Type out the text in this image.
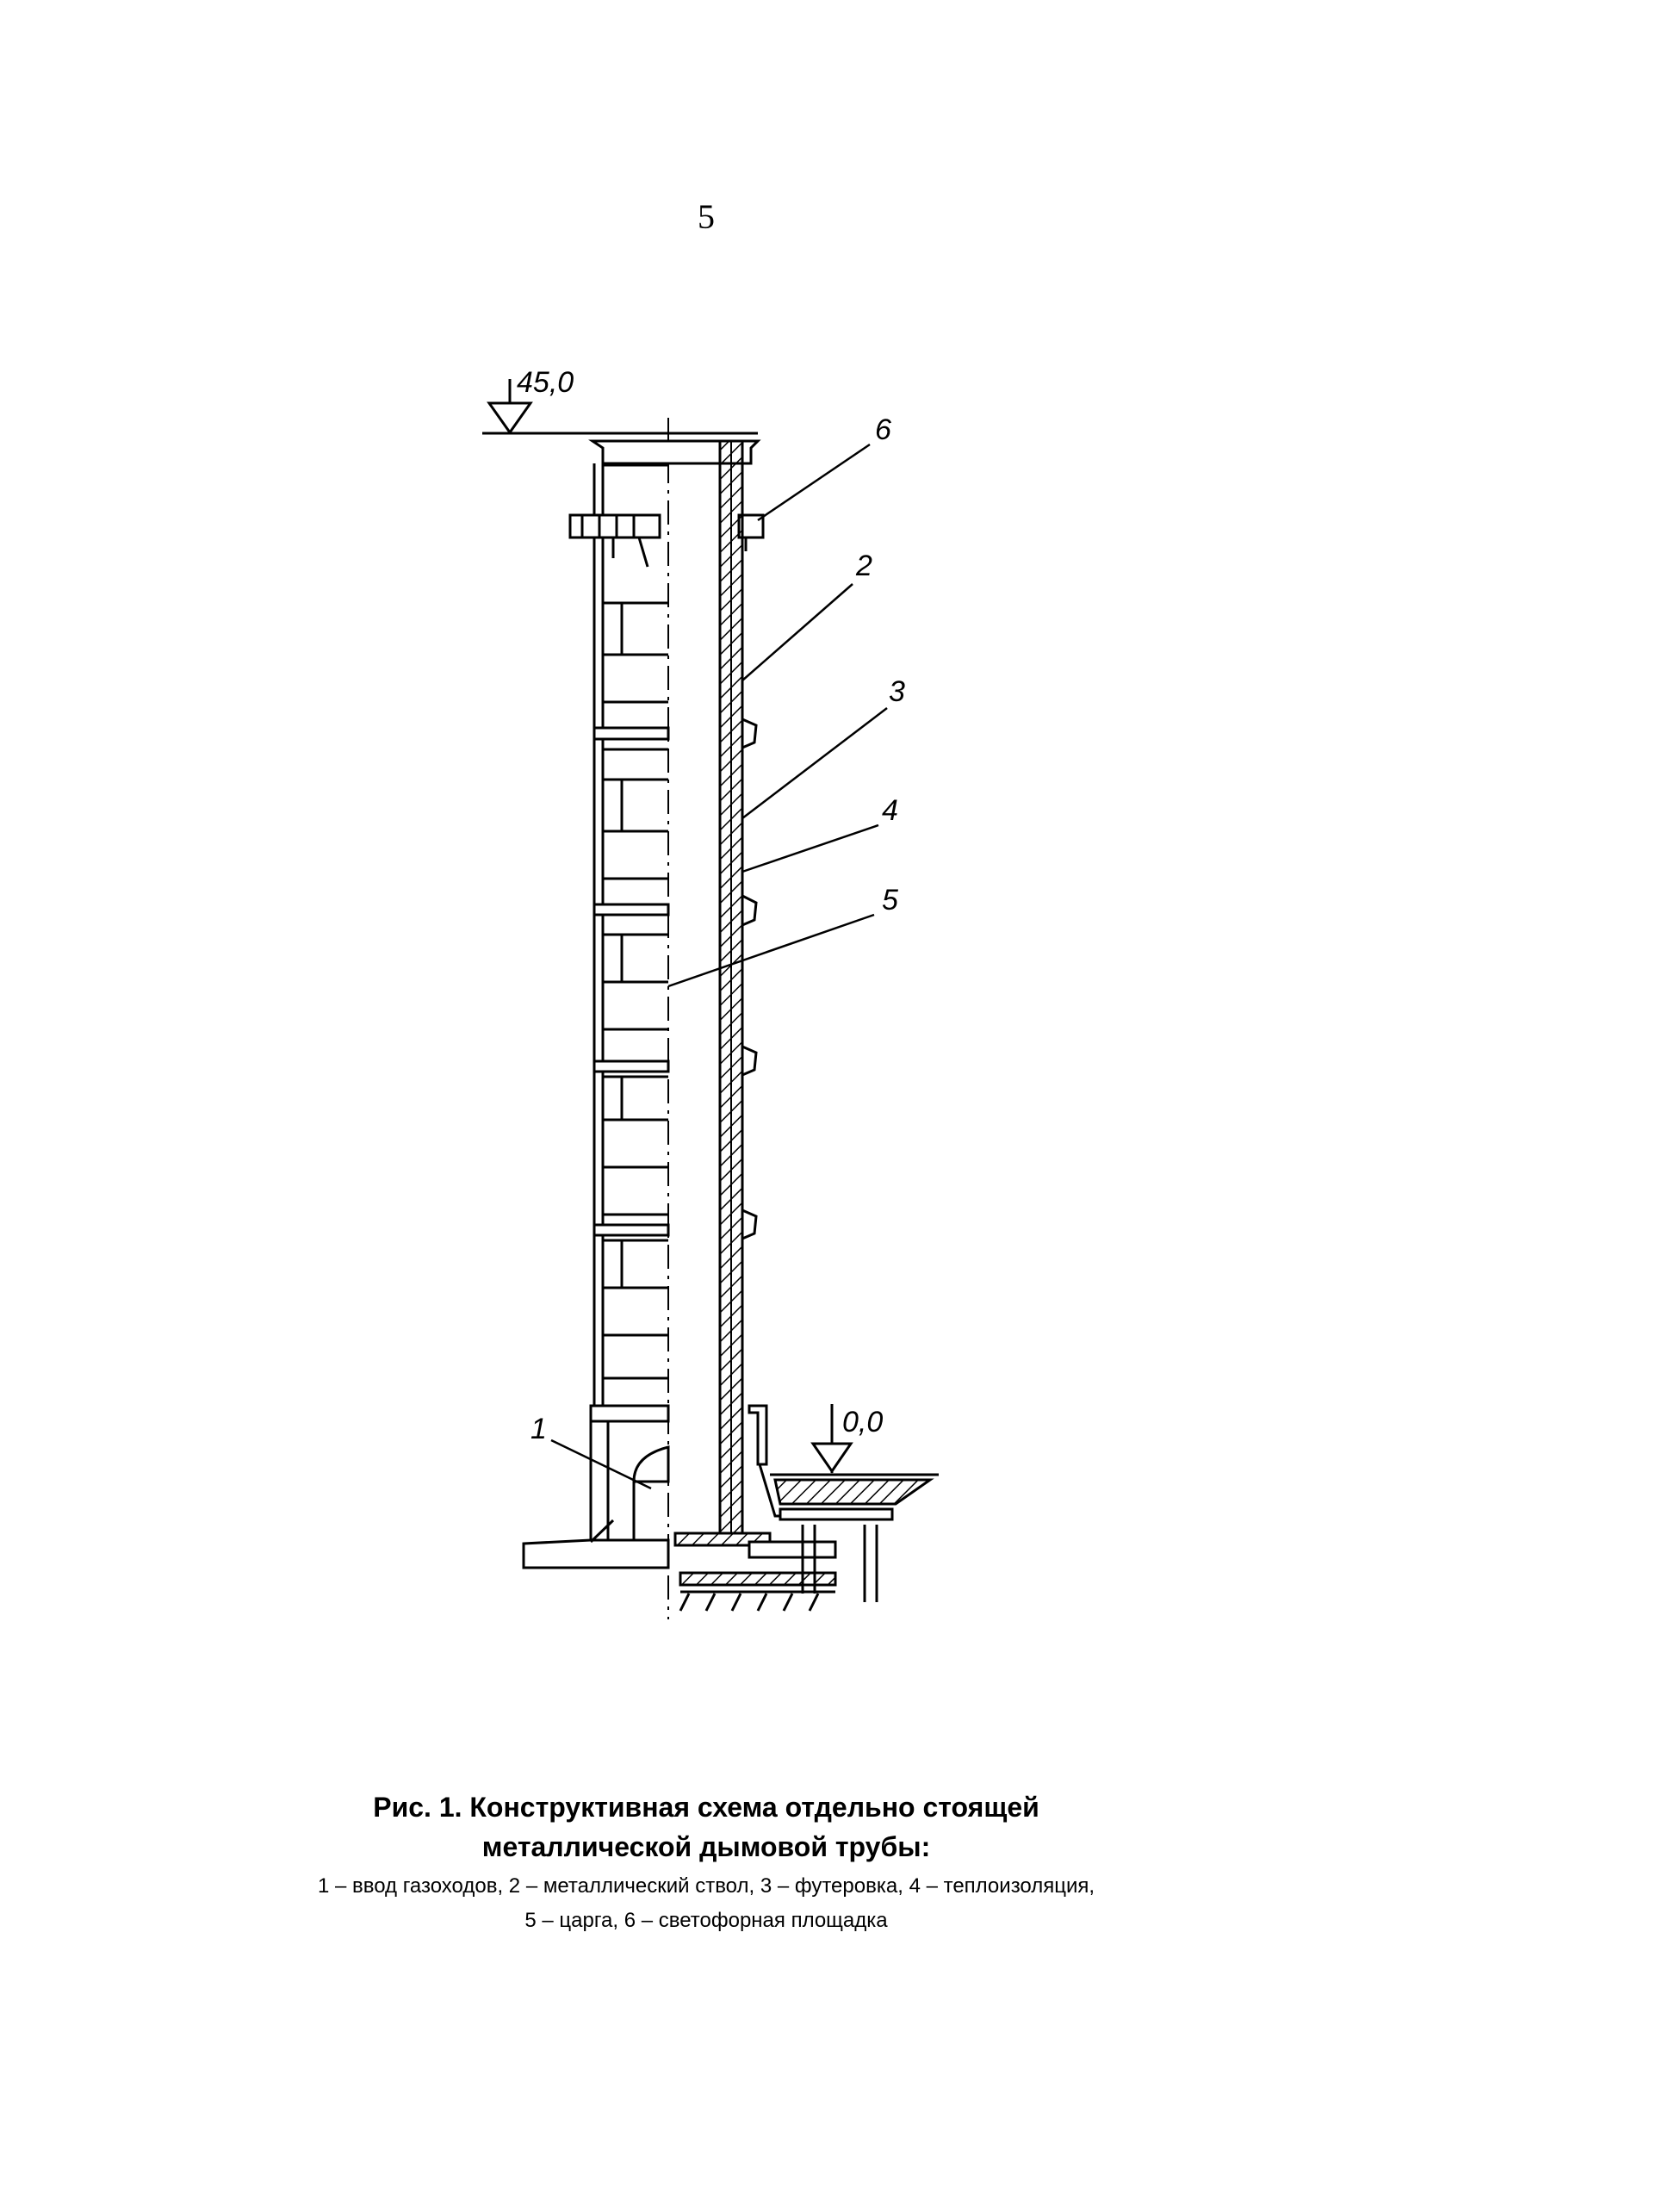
5
45,0
0,0
6
2
3
4
5
1
Рис. 1. Конструктивная схема отдельно стоящей
металлической дымовой трубы:
1 – ввод газоходов, 2 – металлический ствол, 3 – футеровка, 4 – теплоизоляция,
5 – царга, 6 – светофорная площадка
